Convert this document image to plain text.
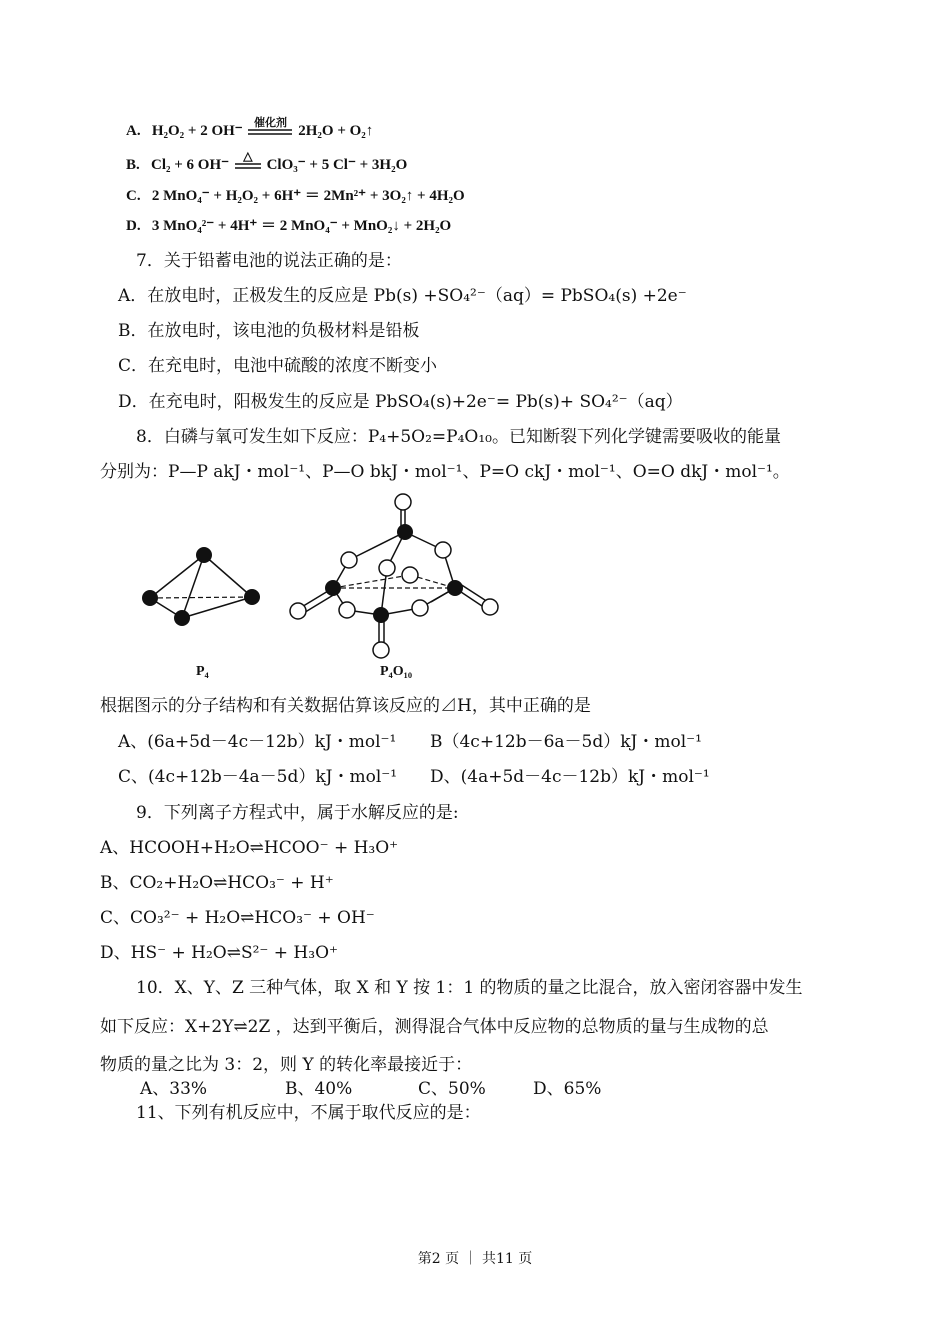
A. H₂O₂ + 2 OH⁻ 催化剂 2H₂O + O₂↑
B. Cl₂ + 6 OH⁻
△
ClO₃⁻ + 5 Cl⁻ + 3H₂O
C. 2 MnO₄⁻ + H₂O₂ + 6H⁺ ＝ 2Mn²⁺ + 3O₂↑ + 4H₂O
D. 3 MnO₄²⁻ + 4H⁺ ＝ 2 MnO₄⁻ + MnO₂↓ + 2H₂O
7．关于铅蓄电池的说法正确的是：
A．在放电时，正极发生的反应是 Pb(s) +SO₄²⁻（aq）= PbSO₄(s) +2e⁻
B．在放电时，该电池的负极材料是铅板
C．在充电时，电池中硫酸的浓度不断变小
D．在充电时，阳极发生的反应是 PbSO₄(s)+2e⁻= Pb(s)+ SO₄²⁻（aq）
8．白磷与氧可发生如下反应：P₄+5O₂=P₄O₁₀。已知断裂下列化学键需要吸收的能量
分别为：P—P akJ・mol⁻¹、P—O bkJ・mol⁻¹、P=O ckJ・mol⁻¹、O=O dkJ・mol⁻¹。
P₄	P₄O₁₀
根据图示的分子结构和有关数据估算该反应的⊿H，其中正确的是
A、(6a+5d－4c－12b）kJ・mol⁻¹ B（4c+12b－6a－5d）kJ・mol⁻¹
C、(4c+12b－4a－5d）kJ・mol⁻¹ D、(4a+5d－4c－12b）kJ・mol⁻¹
9．下列离子方程式中，属于水解反应的是:
A、HCOOH+H₂O⇌HCOO⁻ + H₃O⁺
B、CO₂+H₂O⇌HCO₃⁻ + H⁺
C、CO₃²⁻ + H₂O⇌HCO₃⁻ + OH⁻
D、HS⁻ + H₂O⇌S²⁻ + H₃O⁺
10．X、Y、Z 三种气体，取 X 和 Y 按 1：1 的物质的量之比混合，放入密闭容器中发生
如下反应：X+2Y⇌2Z ，达到平衡后，测得混合气体中反应物的总物质的量与生成物的总
物质的量之比为 3：2，则 Y 的转化率最接近于：
A、33%	B、40%	C、50%	D、65%
11、下列有机反应中，不属于取代反应的是：
第2 页 ｜ 共11 页
